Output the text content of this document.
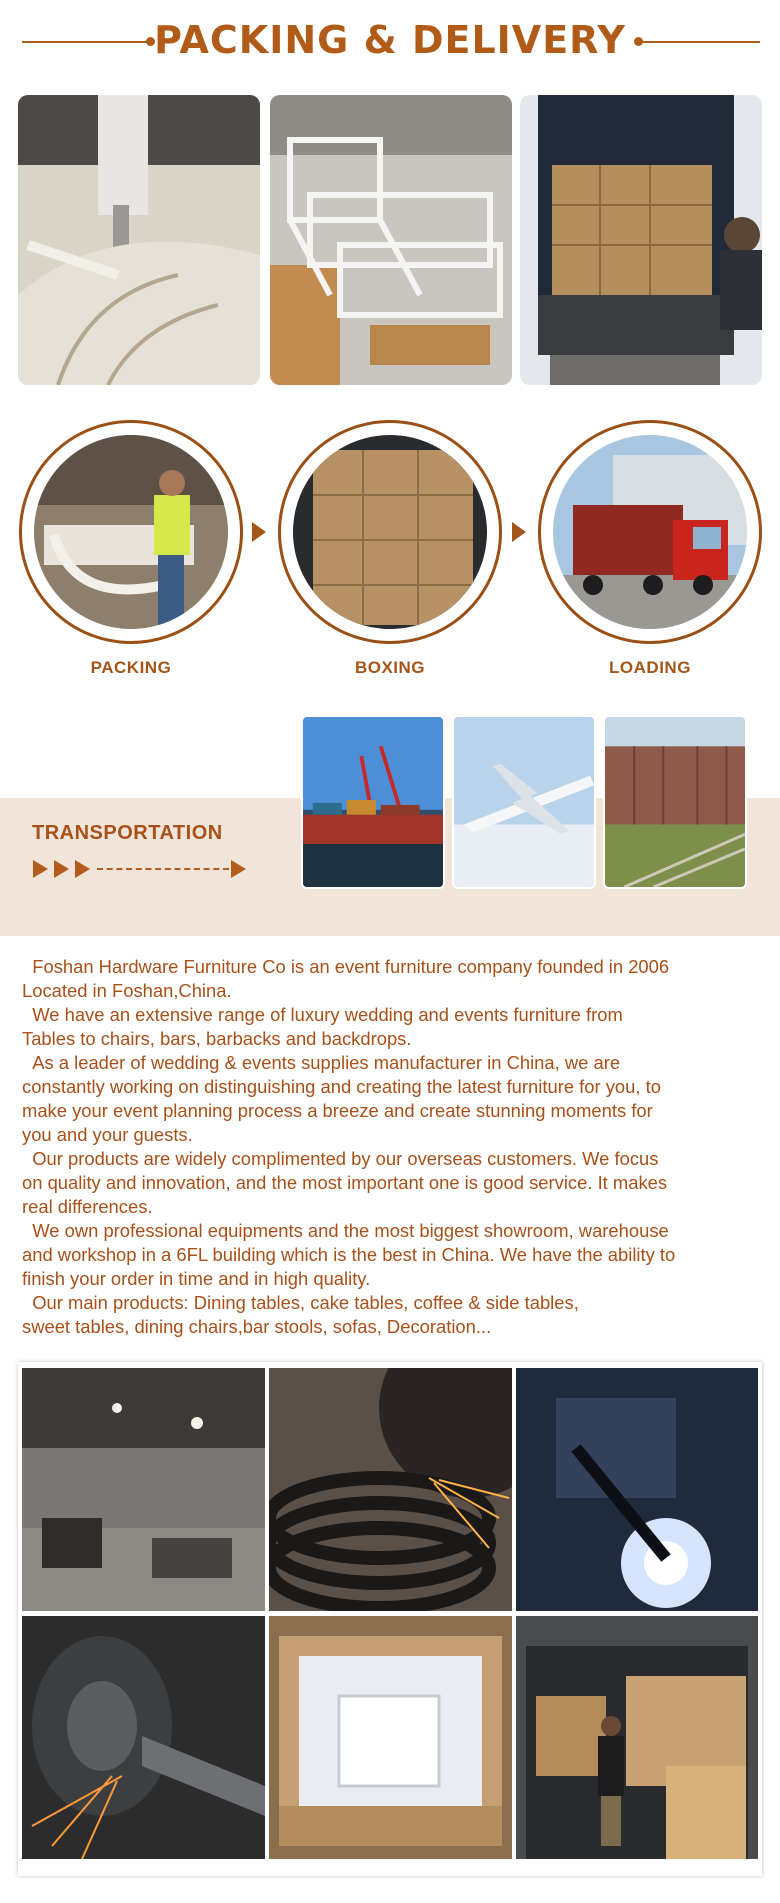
PACKING & DELIVERY
PACKING	BOXING	LOADING
TRANSPORTATION

Foshan Hardware Furniture Co is an event furniture company founded in 2006
Located in Foshan,China.

We have an extensive range of luxury wedding and events furniture from
Tables to chairs, bars, barbacks and backdrops.

As a leader of wedding & events supplies manufacturer in China, we are
constantly working on distinguishing and creating the latest furniture for you, to
make your event planning process a breeze and create stunning moments for
you and your guests.

Our products are widely complimented by our overseas customers. We focus
on quality and innovation, and the most important one is good service. It makes
real differences.

We own professional equipments and the most biggest showroom, warehouse
and workshop in a 6FL building which is the best in China. We have the ability to
finish your order in time and in high quality.

Our main products: Dining tables, cake tables, coffee & side tables,
sweet tables, dining chairs,bar stools, sofas, Decoration...
